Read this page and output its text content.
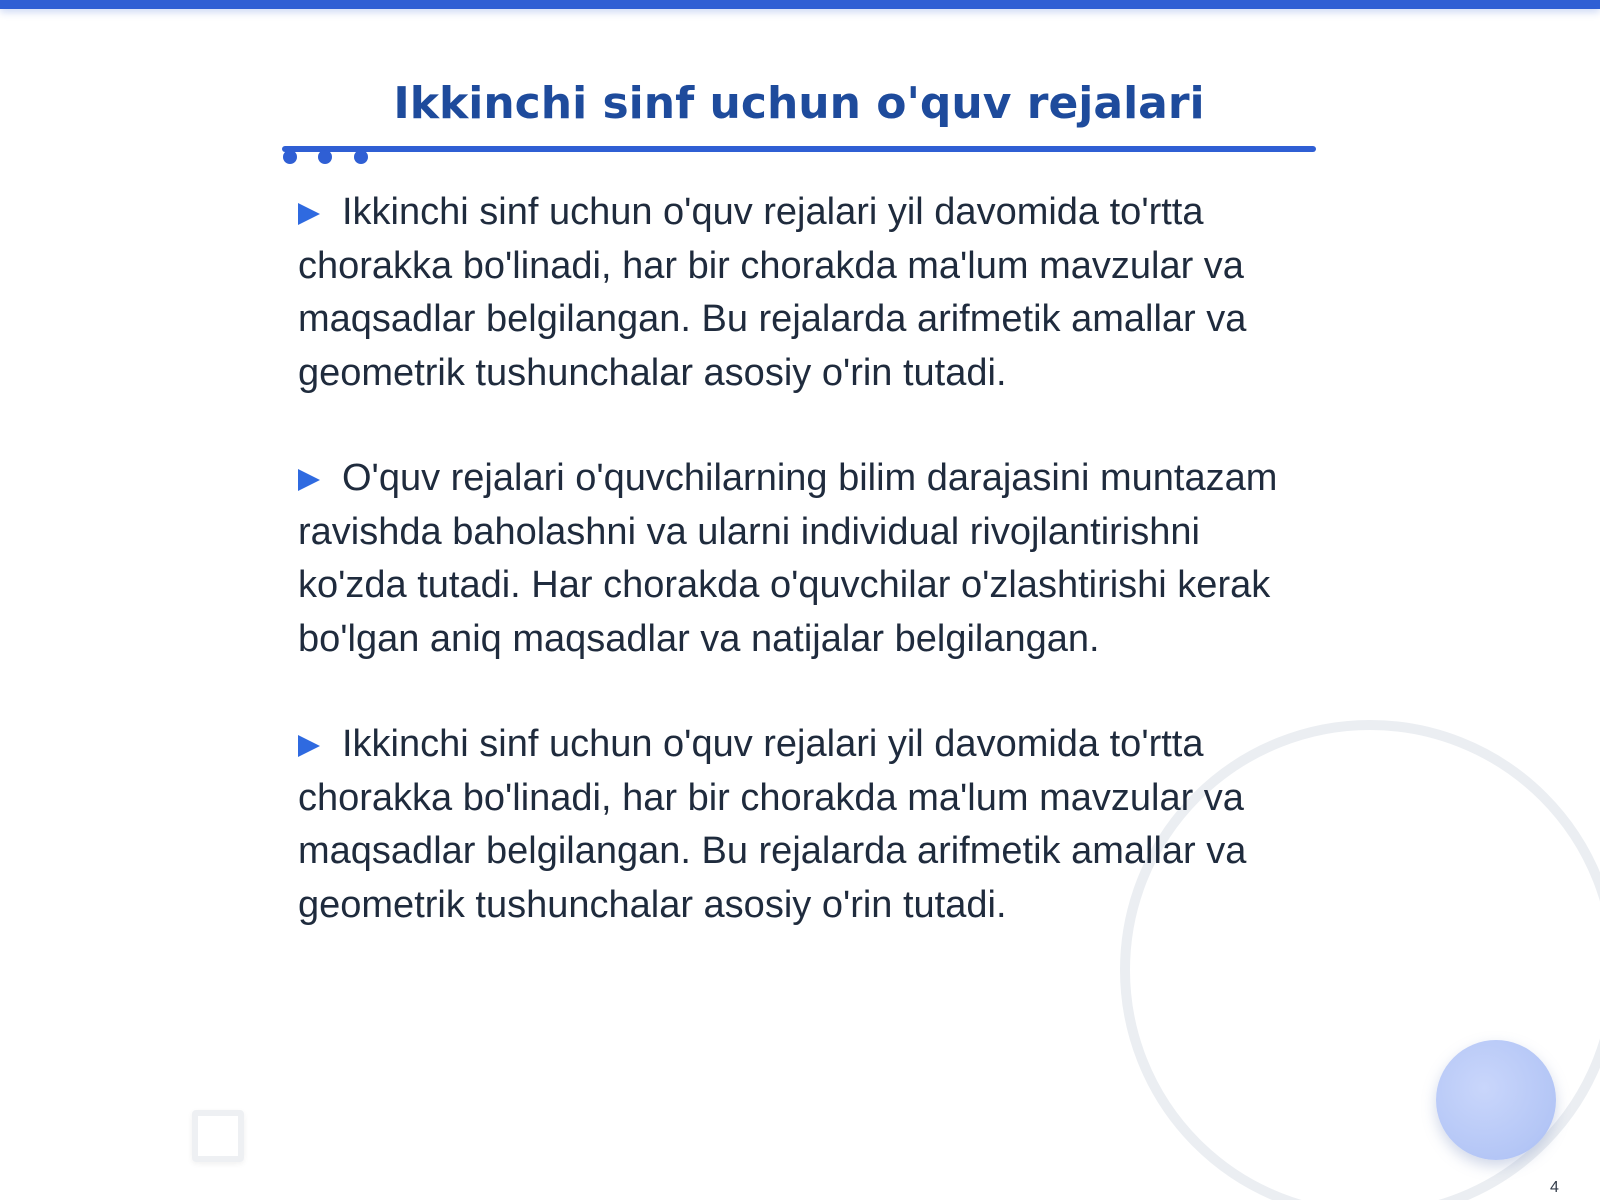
Ikkinchi sinf uchun o'quv rejalari
Ikkinchi sinf uchun o'quv rejalari yil davomida to'rtta chorakka bo'linadi, har bir chorakda ma'lum mavzular va maqsadlar belgilangan. Bu rejalarda arifmetik amallar va geometrik tushunchalar asosiy o'rin tutadi.
O'quv rejalari o'quvchilarning bilim darajasini muntazam ravishda baholashni va ularni individual rivojlantirishni ko'zda tutadi. Har chorakda o'quvchilar o'zlashtirishi kerak bo'lgan aniq maqsadlar va natijalar belgilangan.
Ikkinchi sinf uchun o'quv rejalari yil davomida to'rtta chorakka bo'linadi, har bir chorakda ma'lum mavzular va maqsadlar belgilangan. Bu rejalarda arifmetik amallar va geometrik tushunchalar asosiy o'rin tutadi.
4
